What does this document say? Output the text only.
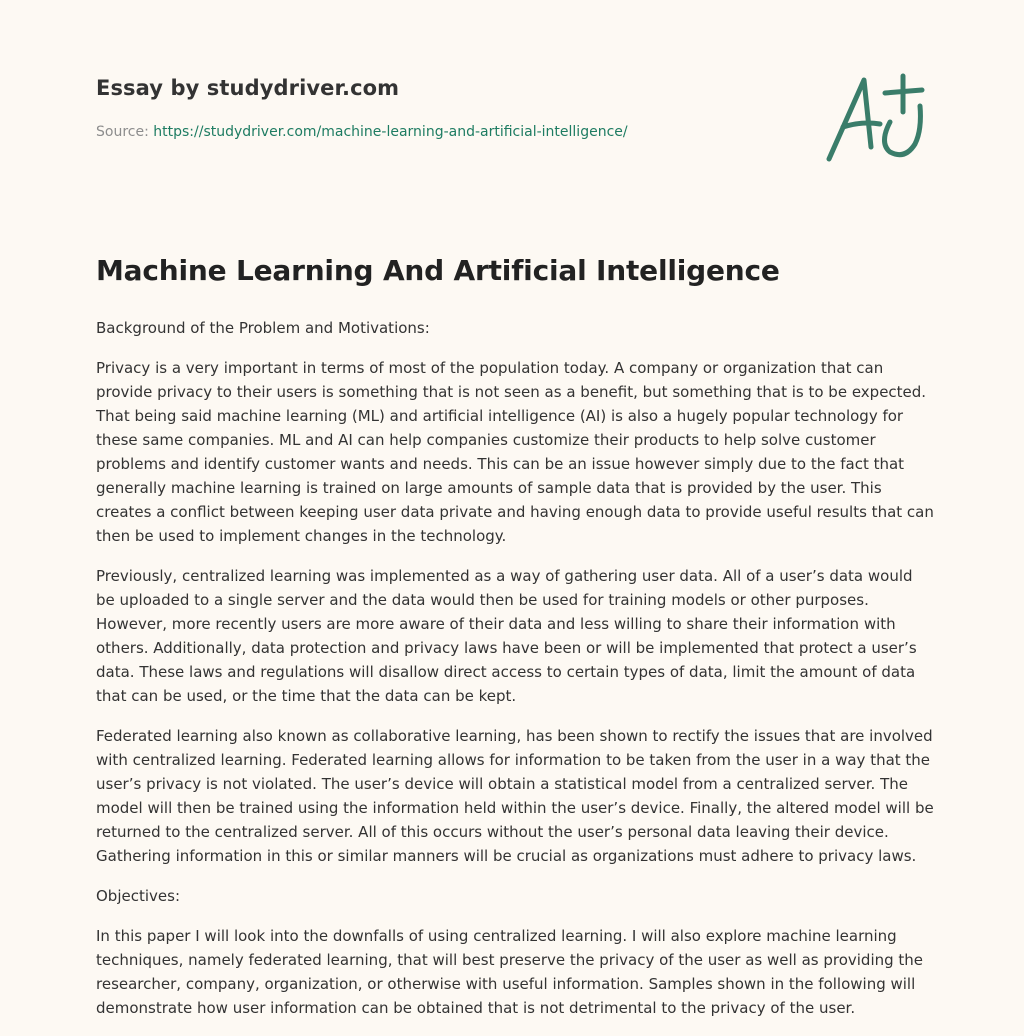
Essay by studydriver.com
Source: https://studydriver.com/machine-learning-and-artificial-intelligence/
Machine Learning And Artificial Intelligence

Background of the Problem and Motivations:

Privacy is a very important in terms of most of the population today. A company or organization that can provide privacy to their users is something that is not seen as a benefit, but something that is to be expected. That being said machine learning (ML) and artificial intelligence (AI) is also a hugely popular technology for these same companies. ML and AI can help companies customize their products to help solve customer problems and identify customer wants and needs. This can be an issue however simply due to the fact that generally machine learning is trained on large amounts of sample data that is provided by the user. This creates a conflict between keeping user data private and having enough data to provide useful results that can then be used to implement changes in the technology.

Previously, centralized learning was implemented as a way of gathering user data. All of a user’s data would be uploaded to a single server and the data would then be used for training models or other purposes. However, more recently users are more aware of their data and less willing to share their information with others. Additionally, data protection and privacy laws have been or will be implemented that protect a user’s data. These laws and regulations will disallow direct access to certain types of data, limit the amount of data that can be used, or the time that the data can be kept.

Federated learning also known as collaborative learning, has been shown to rectify the issues that are involved with centralized learning. Federated learning allows for information to be taken from the user in a way that the user’s privacy is not violated. The user’s device will obtain a statistical model from a centralized server. The model will then be trained using the information held within the user’s device. Finally, the altered model will be returned to the centralized server. All of this occurs without the user’s personal data leaving their device. Gathering information in this or similar manners will be crucial as organizations must adhere to privacy laws.

Objectives:

In this paper I will look into the downfalls of using centralized learning. I will also explore machine learning techniques, namely federated learning, that will best preserve the privacy of the user as well as providing the researcher, company, organization, or otherwise with useful information. Samples shown in the following will demonstrate how user information can be obtained that is not detrimental to the privacy of the user.
